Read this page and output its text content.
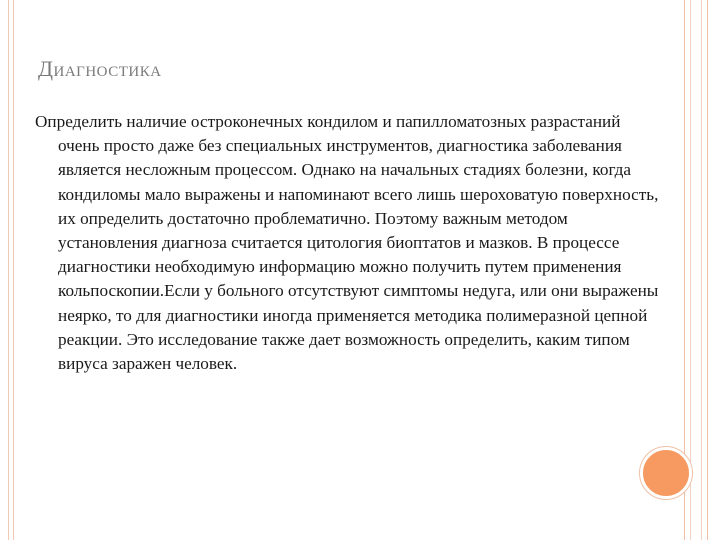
Диагностика

Определить наличие остроконечных кондилом и папилломатозных разрастаний очень просто даже без специальных инструментов, диагностика заболевания является несложным процессом. Однако на начальных стадиях болезни, когда кондиломы мало выражены и напоминают всего лишь шероховатую поверхность, их определить достаточно проблематично. Поэтому важным методом установления диагноза считается цитология биоптатов и мазков. В процессе диагностики необходимую информацию можно получить путем применения кольпоскопии.Если у больного отсутствуют симптомы недуга, или они выражены неярко, то для диагностики иногда применяется методика полимеразной цепной реакции. Это исследование также дает возможность определить, каким типом вируса заражен человек.
